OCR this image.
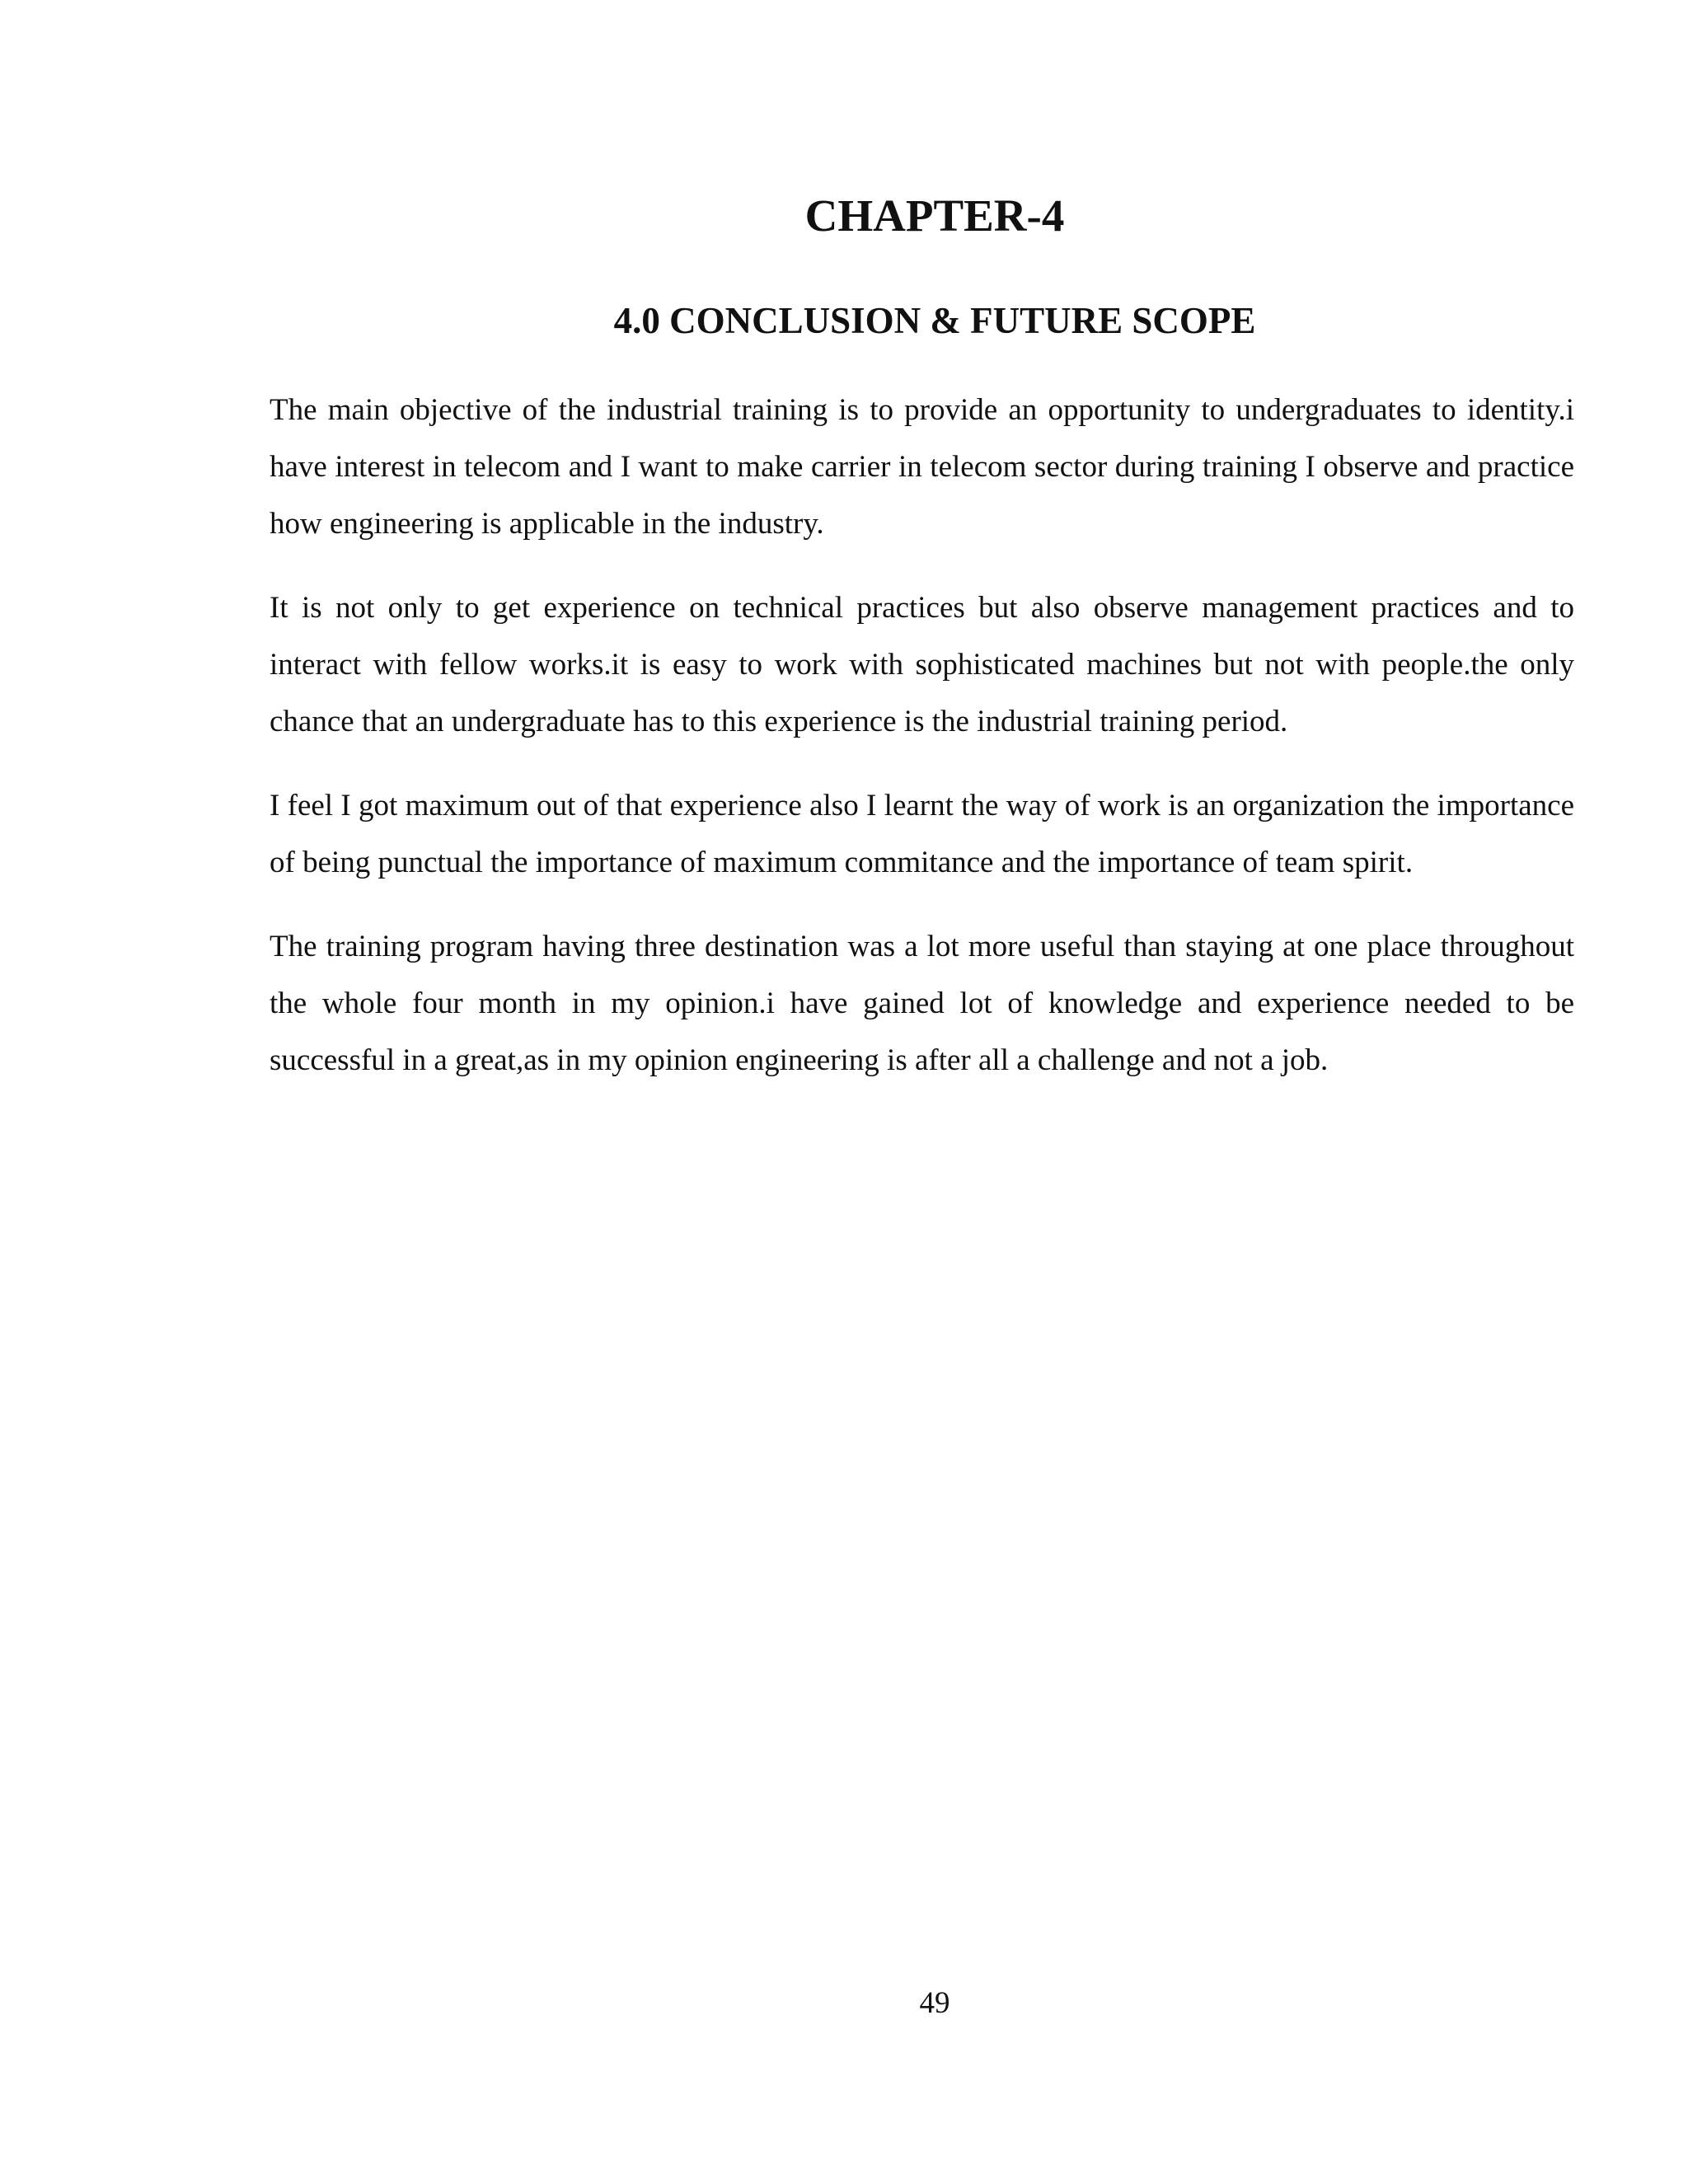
CHAPTER-4
4.0 CONCLUSION & FUTURE SCOPE

The main objective of the industrial training is to provide an opportunity to undergraduates to identity.i have interest in telecom and I want to make carrier in telecom sector during training I observe and practice how engineering is applicable in the industry.

It is not only to get experience on technical practices but also observe management practices and to interact with fellow works.it is easy to work with sophisticated machines but not with people.the only chance that an undergraduate has to this experience is the industrial training period.

I feel I got maximum out of that experience also I learnt the way of work is an organization the importance of being punctual the importance of maximum commitance and the importance of team spirit.

The training program having three destination was a lot more useful than staying at one place throughout the whole four month in my opinion.i have gained lot of knowledge and experience needed to be successful in a great,as in my opinion engineering is after all a challenge and not a job.

49
